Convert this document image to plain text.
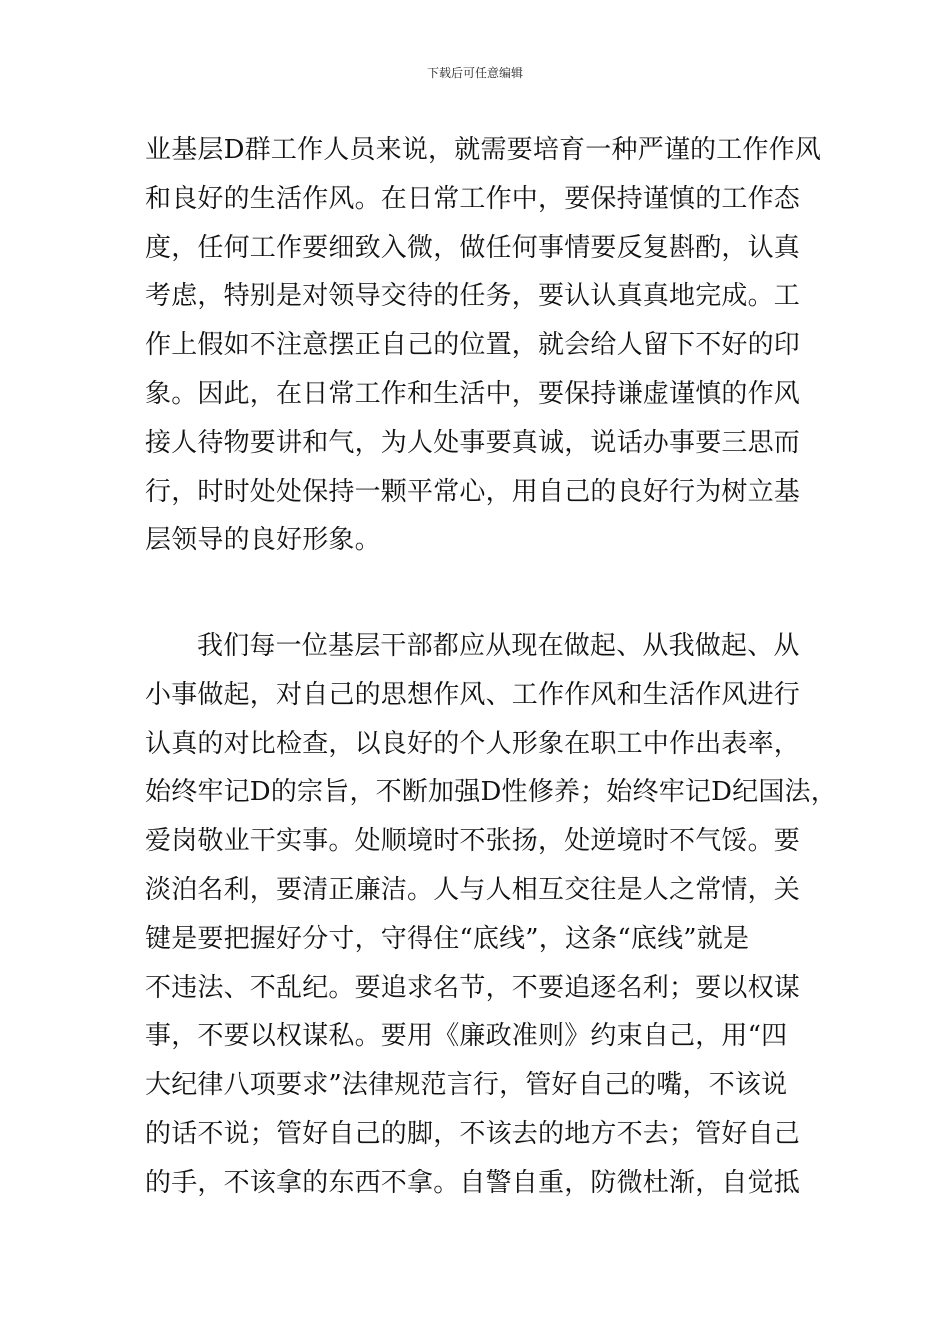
下载后可任意编辑
业基层D群工作人员来说，就需要培育一种严谨的工作作风
和良好的生活作风。在日常工作中，要保持谨慎的工作态
度，任何工作要细致入微，做任何事情要反复斟酌，认真
考虑，特别是对领导交待的任务，要认认真真地完成。工
作上假如不注意摆正自己的位置，就会给人留下不好的印
象。因此，在日常工作和生活中，要保持谦虚谨慎的作风
接人待物要讲和气，为人处事要真诚，说话办事要三思而
行，时时处处保持一颗平常心，用自己的良好行为树立基
层领导的良好形象。
我们每一位基层干部都应从现在做起、从我做起、从
小事做起，对自己的思想作风、工作作风和生活作风进行
认真的对比检查，以良好的个人形象在职工中作出表率，
始终牢记D的宗旨，不断加强D性修养；始终牢记D纪国法，
爱岗敬业干实事。处顺境时不张扬，处逆境时不气馁。要
淡泊名利，要清正廉洁。人与人相互交往是人之常情，关
键是要把握好分寸，守得住“底线”，这条“底线”就是
不违法、不乱纪。要追求名节，不要追逐名利；要以权谋
事，不要以权谋私。要用《廉政准则》约束自己，用“四
大纪律八项要求”法律规范言行，管好自己的嘴，不该说
的话不说；管好自己的脚，不该去的地方不去；管好自己
的手，不该拿的东西不拿。自警自重，防微杜渐，自觉抵
